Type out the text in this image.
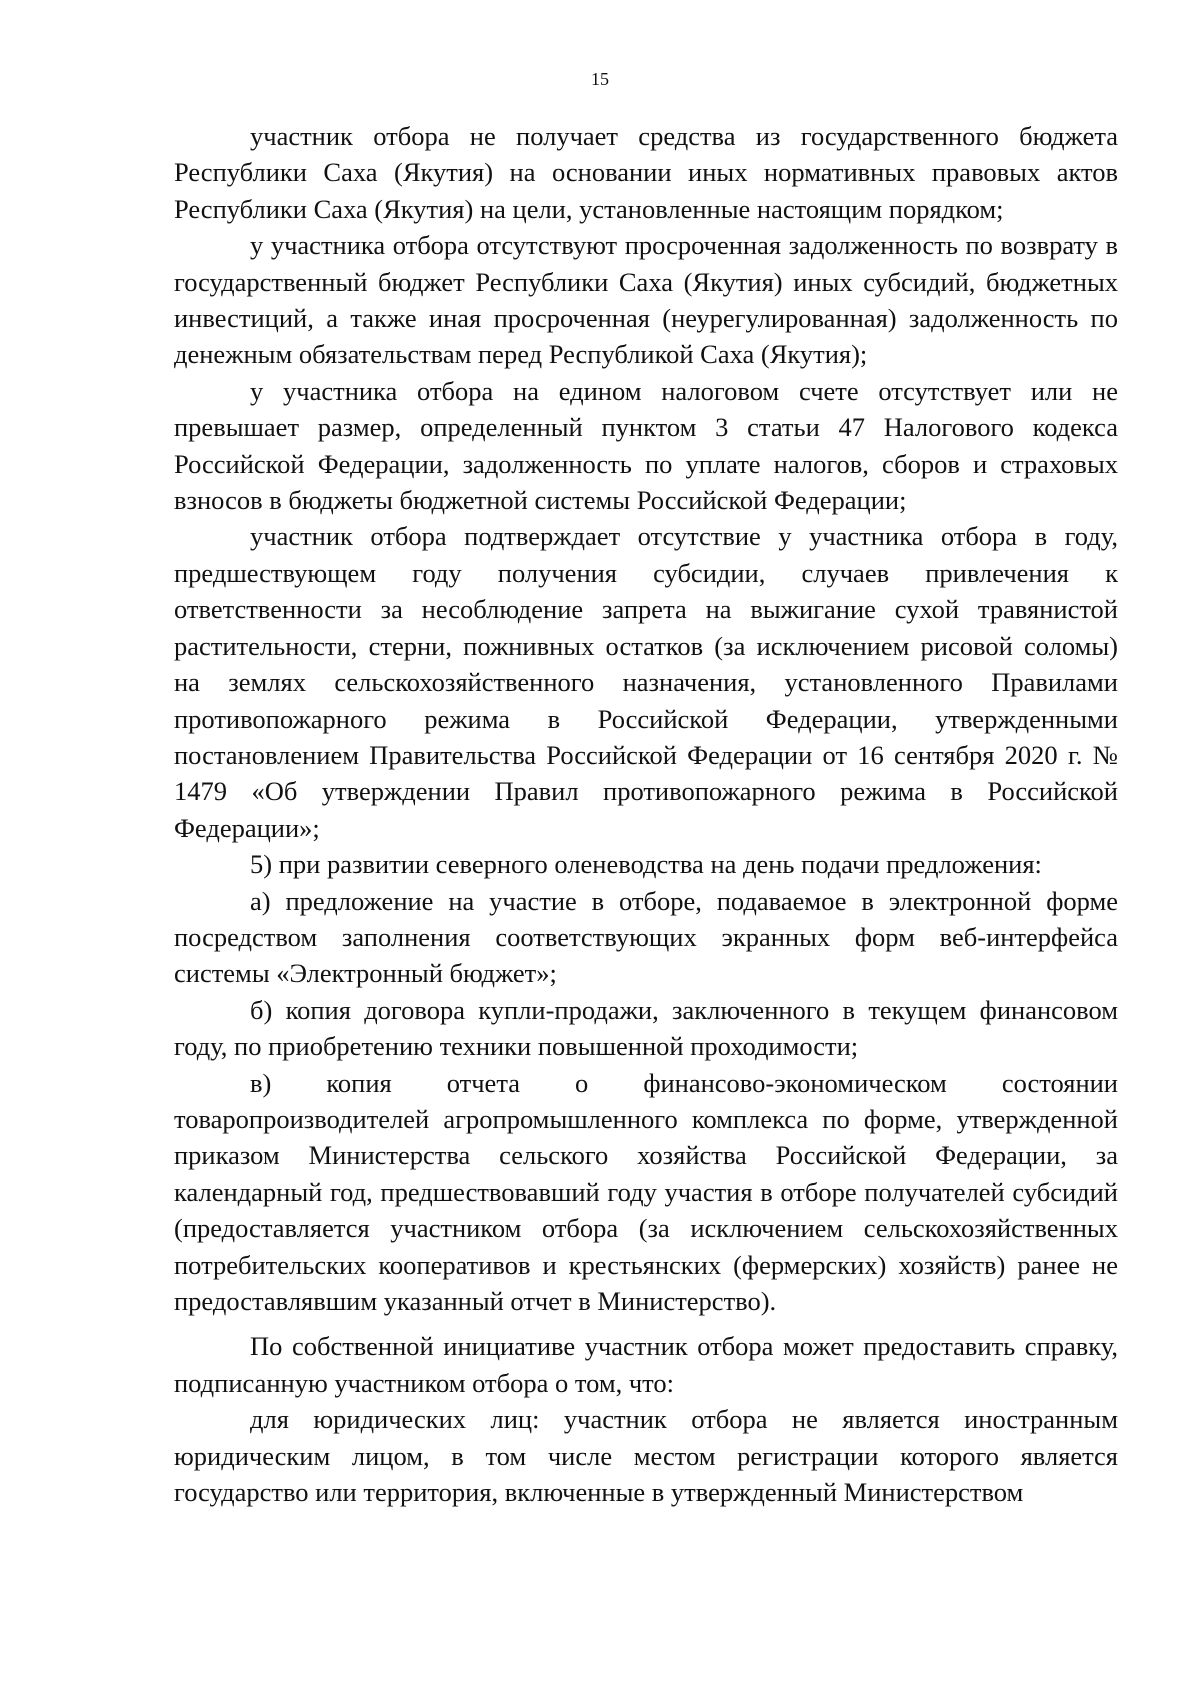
15

участник отбора не получает средства из государственного бюджета Республики Саха (Якутия) на основании иных нормативных правовых актов Республики Саха (Якутия) на цели, установленные настоящим порядком;

у участника отбора отсутствуют просроченная задолженность по возврату в государственный бюджет Республики Саха (Якутия) иных субсидий, бюджетных инвестиций, а также иная просроченная (неурегулированная) задолженность по денежным обязательствам перед Республикой Саха (Якутия);

у участника отбора на едином налоговом счете отсутствует или не превышает размер, определенный пунктом 3 статьи 47 Налогового кодекса Российской Федерации, задолженность по уплате налогов, сборов и страховых взносов в бюджеты бюджетной системы Российской Федерации;

участник отбора подтверждает отсутствие у участника отбора в году, предшествующем году получения субсидии, случаев привлечения к ответственности за несоблюдение запрета на выжигание сухой травянистой растительности, стерни, пожнивных остатков (за исключением рисовой соломы) на землях сельскохозяйственного назначения, установленного Правилами противопожарного режима в Российской Федерации, утвержденными постановлением Правительства Российской Федерации от 16 сентября 2020 г. № 1479 «Об утверждении Правил противопожарного режима в Российской Федерации»;

5) при развитии северного оленеводства на день подачи предложения:

а) предложение на участие в отборе, подаваемое в электронной форме посредством заполнения соответствующих экранных форм веб-интерфейса системы «Электронный бюджет»;

б) копия договора купли-продажи, заключенного в текущем финансовом году, по приобретению техники повышенной проходимости;

в) копия отчета о финансово-экономическом состоянии товаропроизводителей агропромышленного комплекса по форме, утвержденной приказом Министерства сельского хозяйства Российской Федерации, за календарный год, предшествовавший году участия в отборе получателей субсидий (предоставляется участником отбора (за исключением сельскохозяйственных потребительских кооперативов и крестьянских (фермерских) хозяйств) ранее не предоставлявшим указанный отчет в Министерство).

По собственной инициативе участник отбора может предоставить справку, подписанную участником отбора о том, что:

для юридических лиц: участник отбора не является иностранным юридическим лицом, в том числе местом регистрации которого является государство или территория, включенные в утвержденный Министерством
